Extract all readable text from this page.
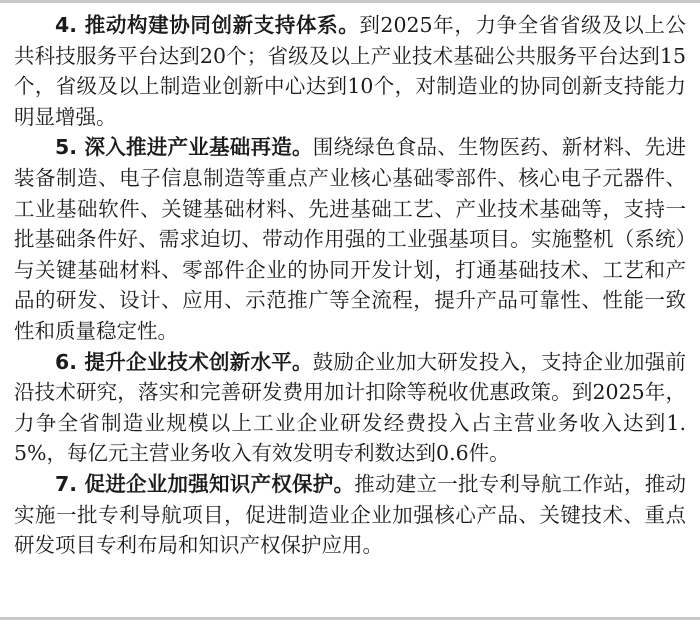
4. 推动构建协同创新支持体系。到2025年，力争全省省级及以上公共科技服务平台达到20个；省级及以上产业技术基础公共服务平台达到15个，省级及以上制造业创新中心达到10个，对制造业的协同创新支持能力明显增强。

5. 深入推进产业基础再造。围绕绿色食品、生物医药、新材料、先进装备制造、电子信息制造等重点产业核心基础零部件、核心电子元器件、工业基础软件、关键基础材料、先进基础工艺、产业技术基础等，支持一批基础条件好、需求迫切、带动作用强的工业强基项目。实施整机（系统）与关键基础材料、零部件企业的协同开发计划，打通基础技术、工艺和产品的研发、设计、应用、示范推广等全流程，提升产品可靠性、性能一致性和质量稳定性。

6. 提升企业技术创新水平。鼓励企业加大研发投入，支持企业加强前沿技术研究，落实和完善研发费用加计扣除等税收优惠政策。到2025年，力争全省制造业规模以上工业企业研发经费投入占主营业务收入达到1.5%，每亿元主营业务收入有效发明专利数达到0.6件。

7. 促进企业加强知识产权保护。推动建立一批专利导航工作站，推动实施一批专利导航项目，促进制造业企业加强核心产品、关键技术、重点研发项目专利布局和知识产权保护应用。
